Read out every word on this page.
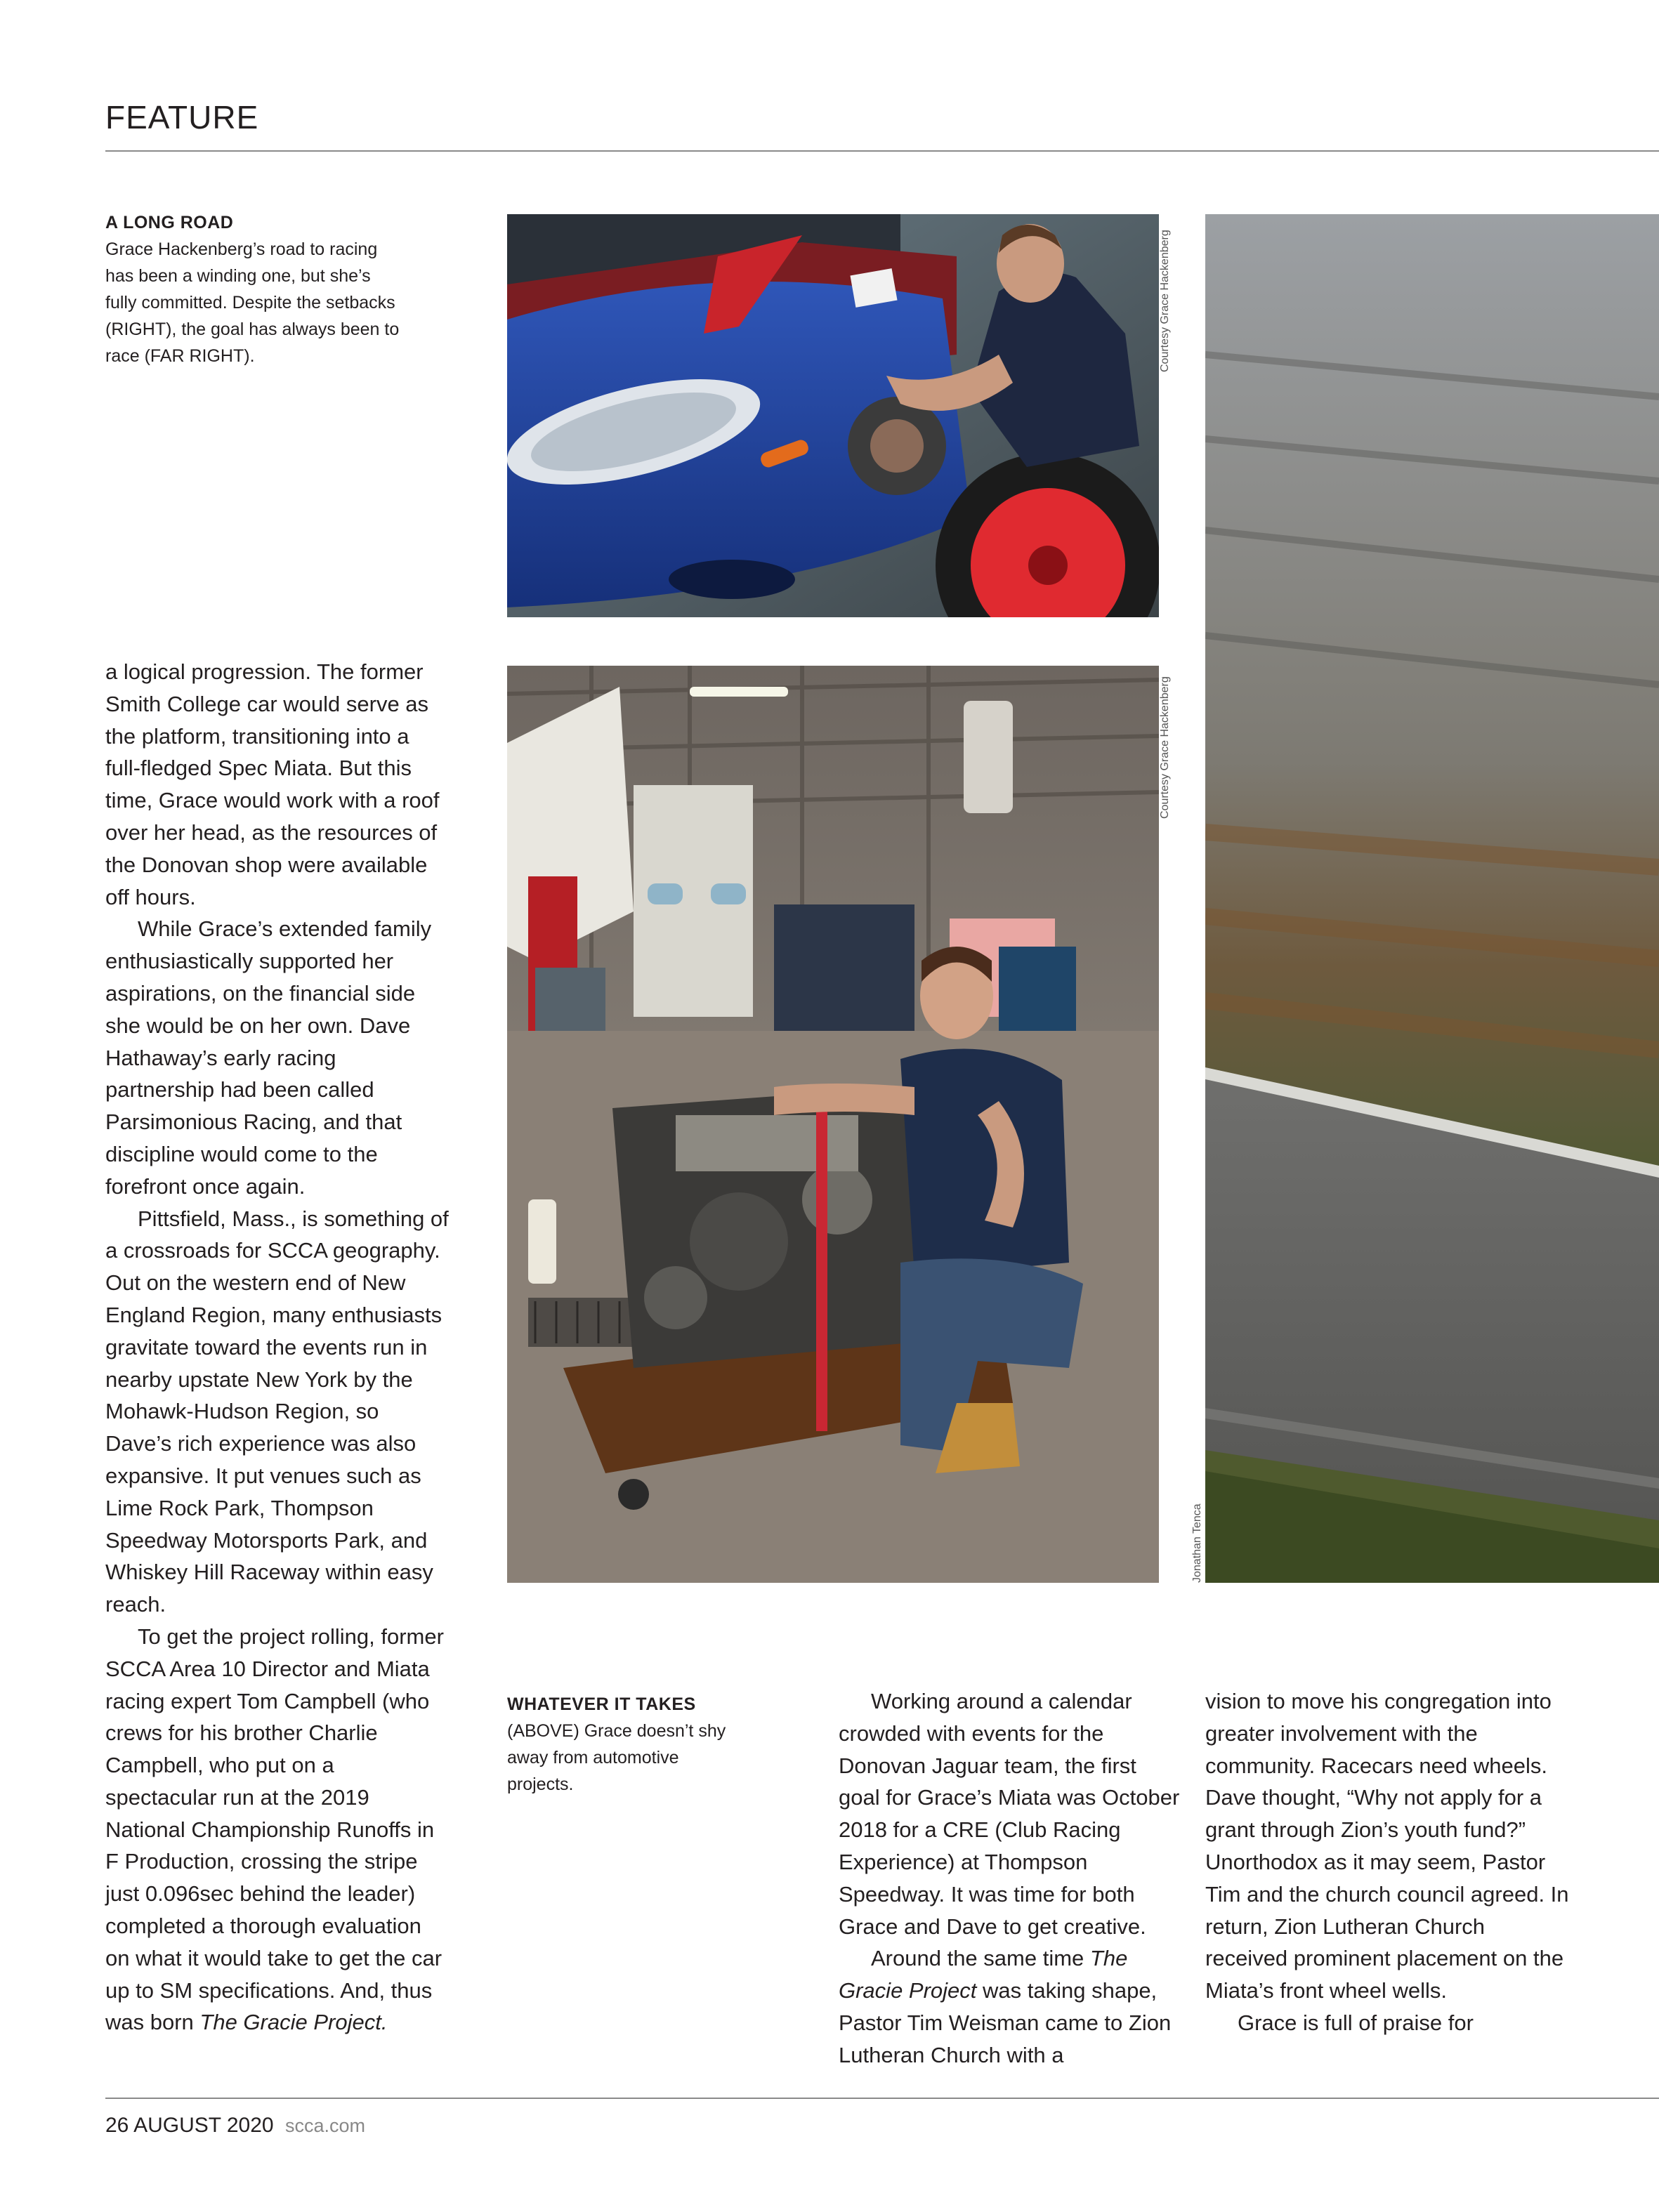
FEATURE
A LONG ROAD
Grace Hackenberg’s road to racing has been a winding one, but she’s fully committed. Despite the setbacks (RIGHT), the goal has always been to race (FAR RIGHT).	Courtesy Grace Hackenberg
Courtesy Grace Hackenberg
Jonathan Tenca

a logical progression. The former Smith College car would serve as the platform, transitioning into a full-fledged Spec Miata. But this time, Grace would work with a roof over her head, as the resources of the Donovan shop were available off hours.

While Grace’s extended family enthusiastically supported her aspirations, on the financial side she would be on her own. Dave Hathaway’s early racing partnership had been called Parsimonious Racing, and that discipline would come to the forefront once again.

Pittsfield, Mass., is something of a crossroads for SCCA geography. Out on the western end of New England Region, many enthusiasts gravitate toward the events run in nearby upstate New York by the Mohawk-Hudson Region, so Dave’s rich experience was also expansive. It put venues such as Lime Rock Park, Thompson Speedway Motorsports Park, and Whiskey Hill Raceway within easy reach.

To get the project rolling, former SCCA Area 10 Director and Miata racing expert Tom Campbell (who crews for his brother Charlie Campbell, who put on a spectacular run at the 2019 National Championship Runoffs in F Production, crossing the stripe just 0.096sec behind the leader) completed a thorough evaluation on what it would take to get the car up to SM specifications. And, thus was born The Gracie Project.

WHATEVER IT TAKES
(ABOVE) Grace doesn’t shy away from automotive projects.

Working around a calendar crowded with events for the Donovan Jaguar team, the first goal for Grace’s Miata was October 2018 for a CRE (Club Racing Experience) at Thompson Speedway. It was time for both Grace and Dave to get creative.

Around the same time The Gracie Project was taking shape, Pastor Tim Weisman came to Zion Lutheran Church with a

vision to move his congregation into greater involvement with the community. Racecars need wheels. Dave thought, “Why not apply for a grant through Zion’s youth fund?” Unorthodox as it may seem, Pastor Tim and the church council agreed. In return, Zion Lutheran Church received prominent placement on the Miata’s front wheel wells.

Grace is full of praise for

26 AUGUST 2020 scca.com
